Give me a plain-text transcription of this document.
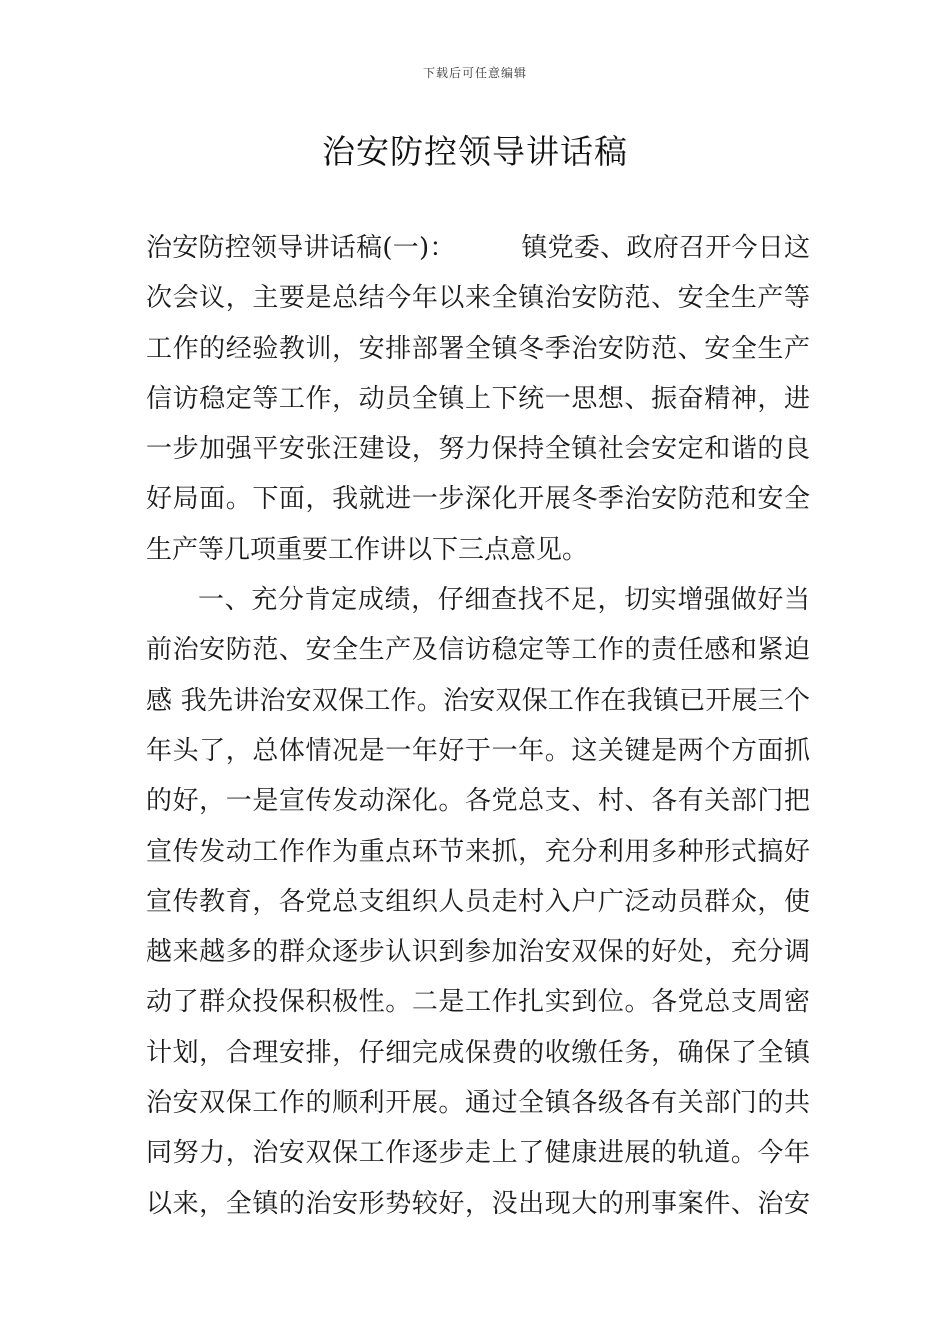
下载后可任意编辑
治安防控领导讲话稿
治安防控领导讲话稿(一)：　　　镇党委、政府召开今日这
次会议，主要是总结今年以来全镇治安防范、安全生产等
工作的经验教训，安排部署全镇冬季治安防范、安全生产
信访稳定等工作，动员全镇上下统一思想、振奋精神，进
一步加强平安张汪建设，努力保持全镇社会安定和谐的良
好局面。下面，我就进一步深化开展冬季治安防范和安全
生产等几项重要工作讲以下三点意见。
一、充分肯定成绩，仔细查找不足，切实增强做好当
前治安防范、安全生产及信访稳定等工作的责任感和紧迫
感 我先讲治安双保工作。治安双保工作在我镇已开展三个
年头了，总体情况是一年好于一年。这关键是两个方面抓
的好，一是宣传发动深化。各党总支、村、各有关部门把
宣传发动工作作为重点环节来抓，充分利用多种形式搞好
宣传教育，各党总支组织人员走村入户广泛动员群众，使
越来越多的群众逐步认识到参加治安双保的好处，充分调
动了群众投保积极性。二是工作扎实到位。各党总支周密
计划，合理安排，仔细完成保费的收缴任务，确保了全镇
治安双保工作的顺利开展。通过全镇各级各有关部门的共
同努力，治安双保工作逐步走上了健康进展的轨道。今年
以来，全镇的治安形势较好，没出现大的刑事案件、治安
